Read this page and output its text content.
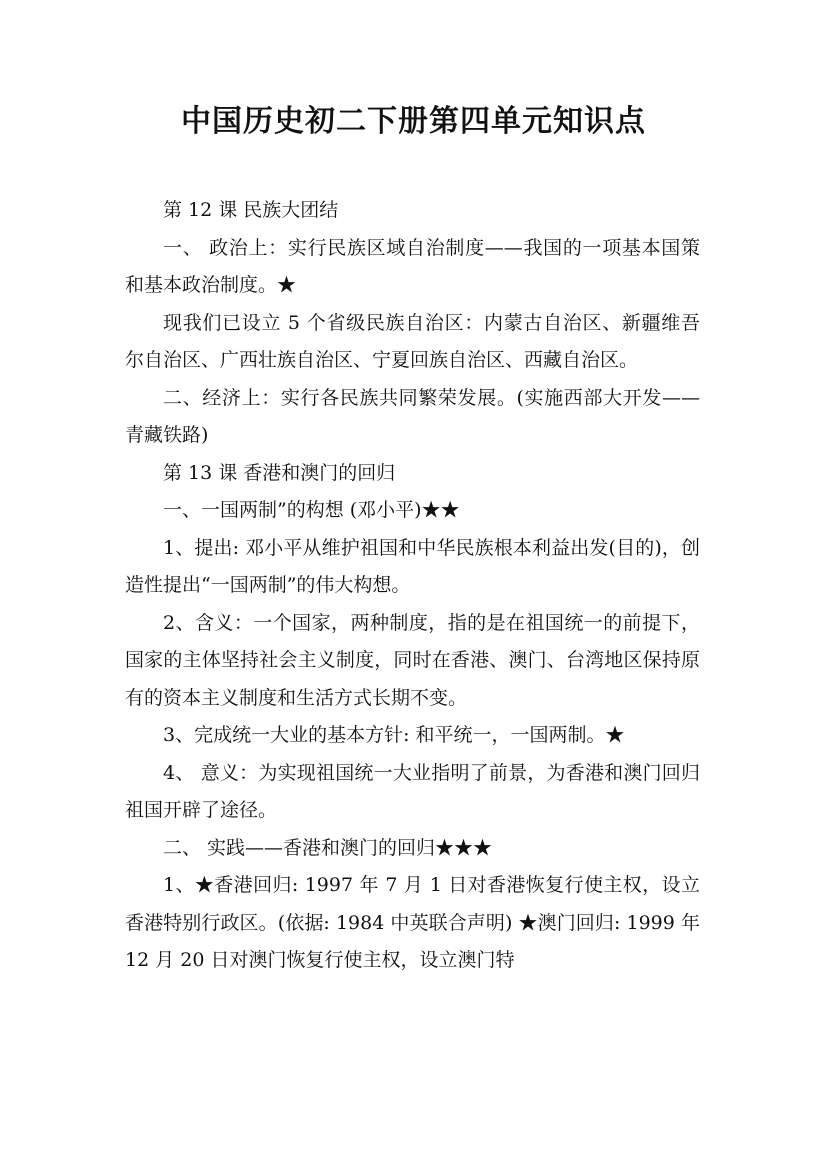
中国历史初二下册第四单元知识点

第 12 课 民族大团结

一、 政治上：实行民族区域自治制度——我国的一项基本国策和基本政治制度。★

现我们已设立 5 个省级民族自治区：内蒙古自治区、新疆维吾尔自治区、广西壮族自治区、宁夏回族自治区、西藏自治区。

二、经济上：实行各民族共同繁荣发展。(实施西部大开发——青藏铁路)

第 13 课 香港和澳门的回归

一、一国两制”的构想 (邓小平)★★

1、提出: 邓小平从维护祖国和中华民族根本利益出发(目的)，创造性提出“一国两制”的伟大构想。

2、含义：一个国家，两种制度，指的是在祖国统一的前提下，国家的主体坚持社会主义制度，同时在香港、澳门、台湾地区保持原有的资本主义制度和生活方式长期不变。

3、完成统一大业的基本方针: 和平统一，一国两制。★

4、 意义：为实现祖国统一大业指明了前景，为香港和澳门回归祖国开辟了途径。

二、 实践——香港和澳门的回归★★★

1、★香港回归: 1997 年 7 月 1 日对香港恢复行使主权，设立香港特别行政区。(依据: 1984 中英联合声明) ★澳门回归: 1999 年 12 月 20 日对澳门恢复行使主权，设立澳门特
